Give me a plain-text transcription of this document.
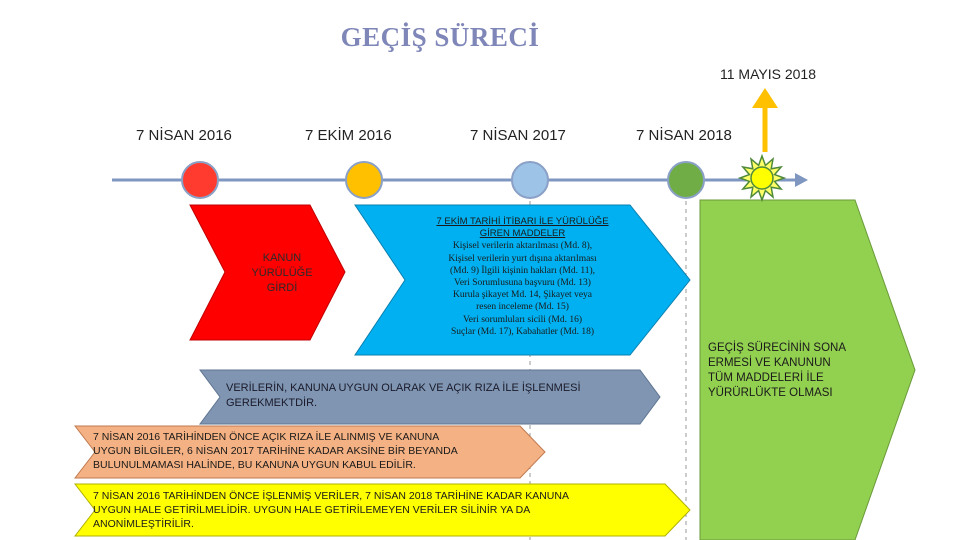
GEÇİŞ SÜRECİ
7 NİSAN 2016	7 EKİM 2016	7 NİSAN 2017	7 NİSAN 2018
11 MAYIS 2018
KANUN
YÜRÜLÜĞE
GİRDİ
7 EKİM TARİHİ İTİBARI İLE YÜRÜLÜĞE
GİREN MADDELER
Kişisel verilerin aktarılması (Md. 8),
Kişisel verilerin yurt dışına aktarılması
(Md. 9) İlgili kişinin hakları (Md. 11),
Veri Sorumlusuna başvuru (Md. 13)
Kurula şikayet Md. 14, Şikayet veya
resen inceleme (Md. 15)
Veri sorumluları sicili (Md. 16)
Suçlar (Md. 17), Kabahatler (Md. 18)
GEÇİŞ SÜRECİNİN SONA
ERMESİ VE KANUNUN
TÜM MADDELERİ İLE
YÜRÜRLÜKTE OLMASI
VERİLERİN, KANUNA UYGUN OLARAK VE AÇIK RIZA İLE İŞLENMESİ
GEREKMEKTDİR.
7 NİSAN 2016 TARİHİNDEN ÖNCE AÇIK RIZA İLE ALINMIŞ VE KANUNA
UYGUN BİLGİLER, 6 NİSAN 2017 TARİHİNE KADAR AKSİNE BİR BEYANDA
BULUNULMAMASI HALİNDE, BU KANUNA UYGUN KABUL EDİLİR.
7 NİSAN 2016 TARİHİNDEN ÖNCE İŞLENMİŞ VERİLER, 7 NİSAN 2018 TARİHİNE KADAR KANUNA
UYGUN HALE GETİRİLMELİDİR. UYGUN HALE GETİRİLEMEYEN VERİLER SİLİNİR YA DA
ANONİMLEŞTİRİLİR.
